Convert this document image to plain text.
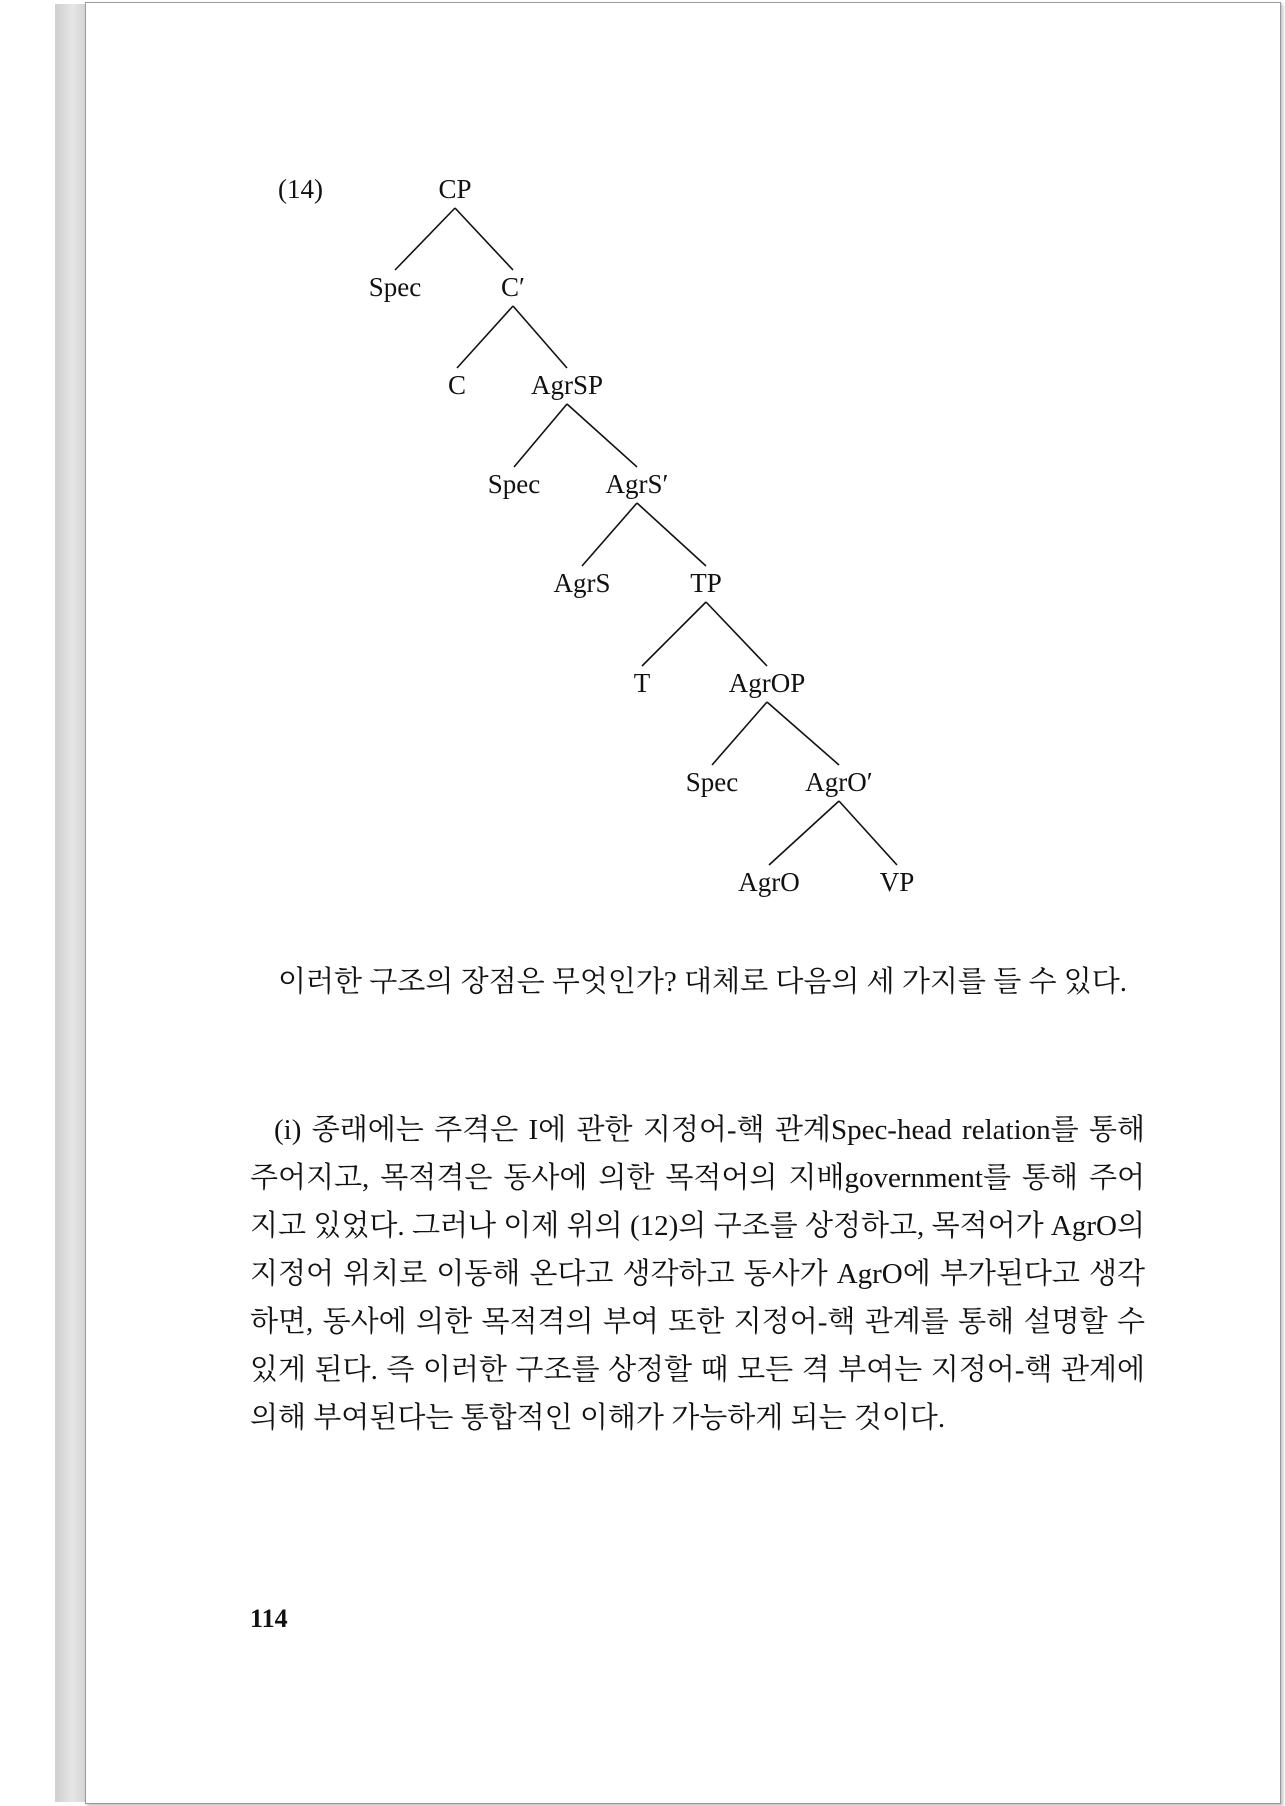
(14)	CP
Spec	C′
C AgrSP
Spec AgrS′
AgrS	TP
T	AgrOP
Spec AgrO′
AgrO	VP

이러한 구조의 장점은 무엇인가? 대체로 다음의 세 가지를 들 수 있다.

(i) 종래에는 주격은 I에 관한 지정어-핵 관계Spec-head relation를 통해 주어지고, 목적격은 동사에 의한 목적어의 지배government를 통해 주어지고 있었다. 그러나 이제 위의 (12)의 구조를 상정하고, 목적어가 AgrO의 지정어 위치로 이동해 온다고 생각하고 동사가 AgrO에 부가된다고 생각하면, 동사에 의한 목적격의 부여 또한 지정어-핵 관계를 통해 설명할 수 있게 된다. 즉 이러한 구조를 상정할 때 모든 격 부여는 지정어-핵 관계에 의해 부여된다는 통합적인 이해가 가능하게 되는 것이다.

114
